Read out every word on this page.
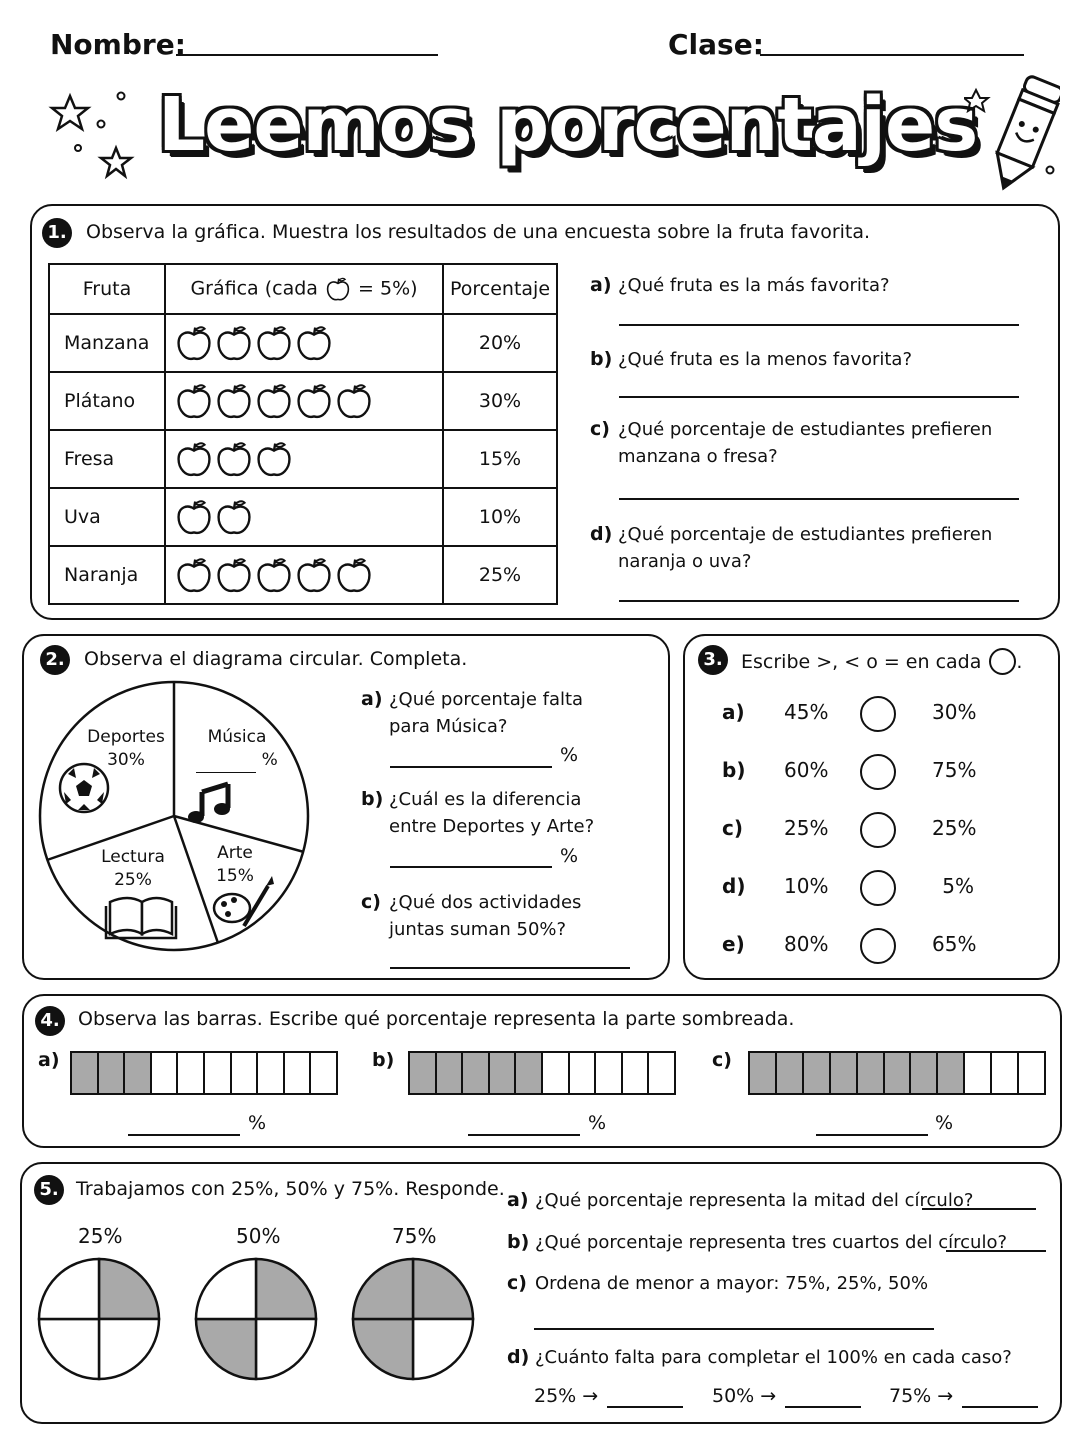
Nombre:	Clase:
Leemos porcentajes
1. Observa la gráfica. Muestra los resultados de una encuesta sobre la fruta favorita.
Fruta	Gráfica (cada = 5%)	Porcentaje
Manzana		20%
Plátano		30%
Fresa		15%
Uva		10%
Naranja		25%
a) ¿Qué fruta es la más favorita?
b) ¿Qué fruta es la menos favorita?
c) ¿Qué porcentaje de estudiantes prefieren manzana o fresa?
d) ¿Qué porcentaje de estudiantes prefieren naranja o uva?
2. Observa el diagrama circular. Completa.
Deportes
30%
Música
%
Lectura
25%
Arte
15%
a) ¿Qué porcentaje falta para Música?
%
b) ¿Cuál es la diferencia entre Deportes y Arte?
%
c) ¿Qué dos actividades juntas suman 50%?
3. Escribe >, < o = en cada .
a) 45%	30%
b) 60%	75%
c) 25%	25%
d) 10%	5%
e) 80%	65%
4. Observa las barras. Escribe qué porcentaje representa la parte sombreada.
a)
%
b)
%
c)
%
5. Trabajamos con 25%, 50% y 75%. Responde.
25%	50%	75%
a) ¿Qué porcentaje representa la mitad del círculo?
b) ¿Qué porcentaje representa tres cuartos del círculo?
c) Ordena de menor a mayor: 75%, 25%, 50%
d) ¿Cuánto falta para completar el 100% en cada caso?
25% →	50% →	75% →
